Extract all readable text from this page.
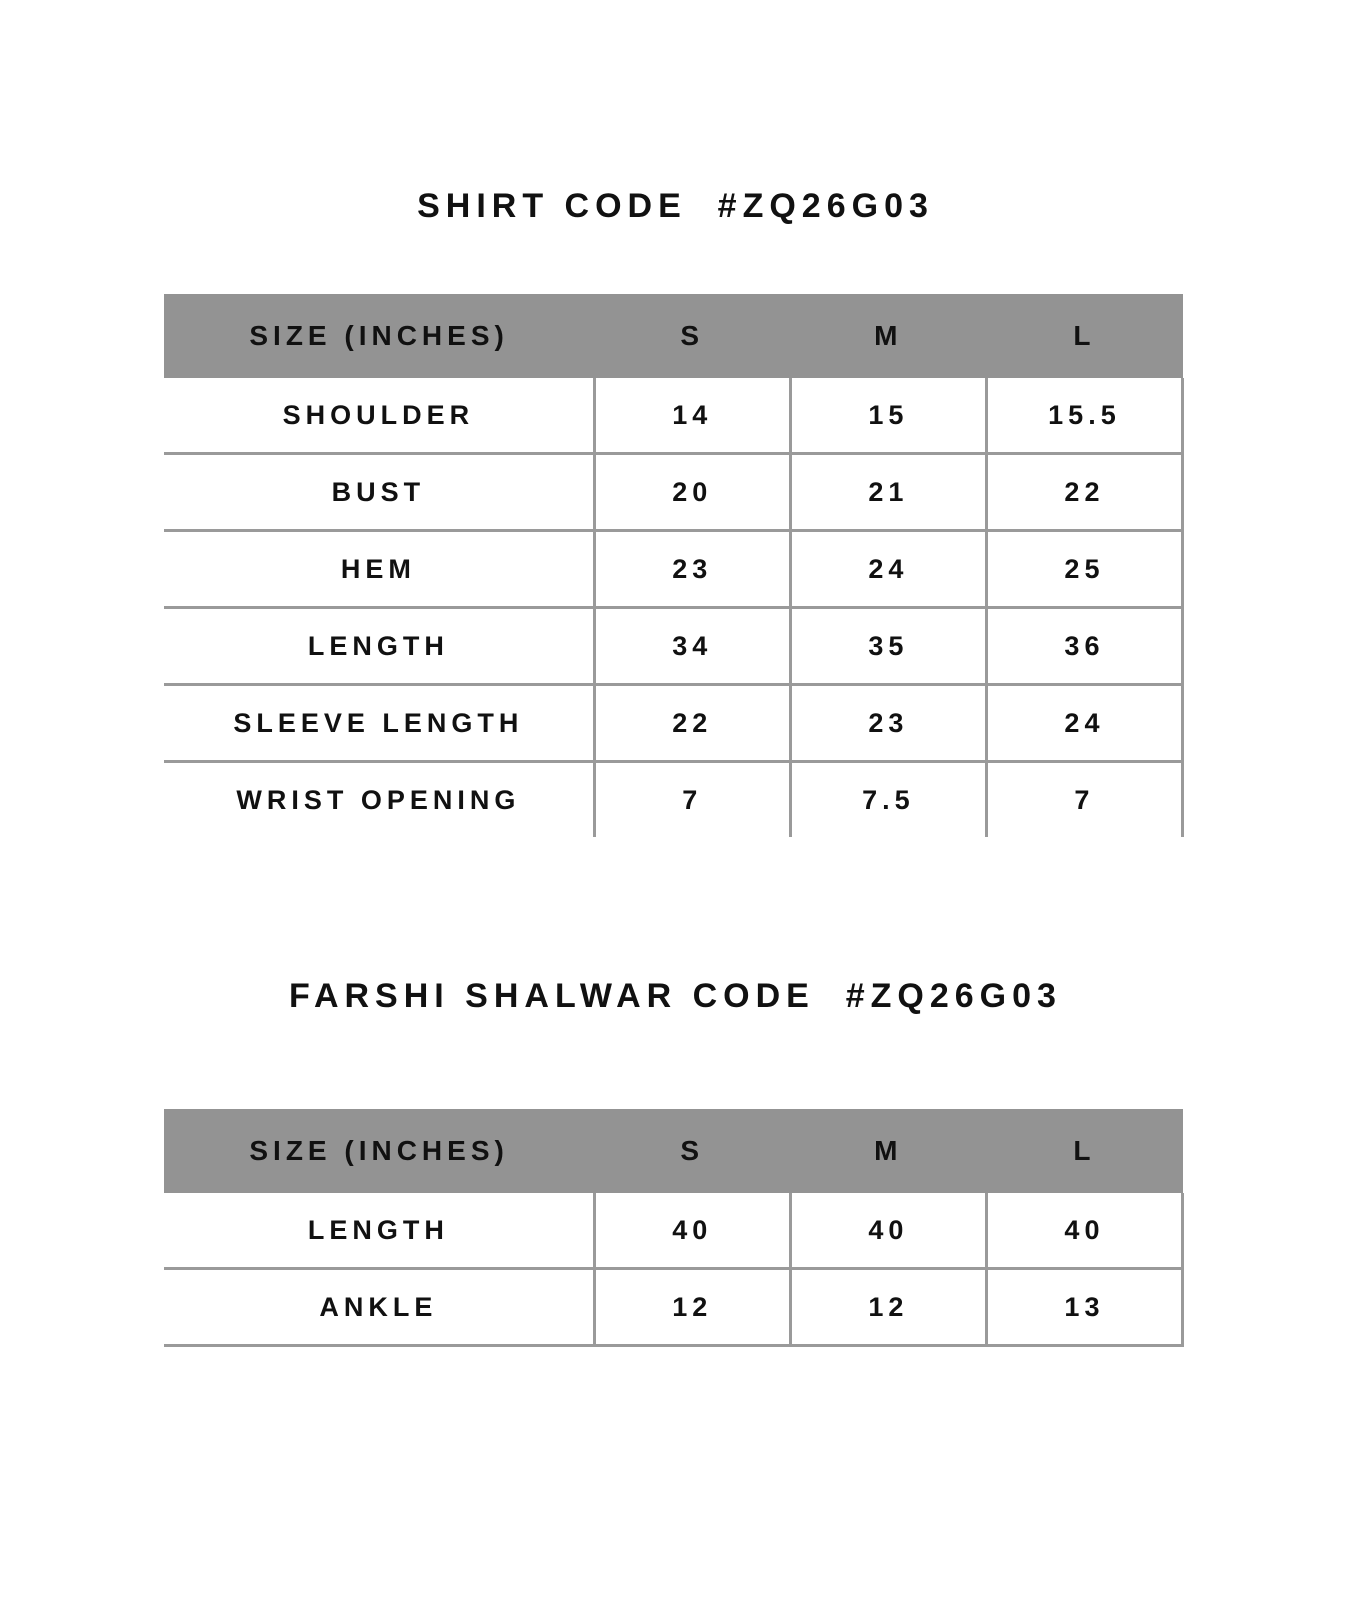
SHIRT CODE  #ZQ26G03
SIZE (INCHES)	S	M	L
SHOULDER	14	15	15.5
BUST	20	21	22
HEM	23	24	25
LENGTH	34	35	36
SLEEVE LENGTH	22	23	24
WRIST OPENING	7	7.5	7
FARSHI SHALWAR CODE  #ZQ26G03
SIZE (INCHES)	S	M	L
LENGTH	40	40	40
ANKLE	12	12	13
